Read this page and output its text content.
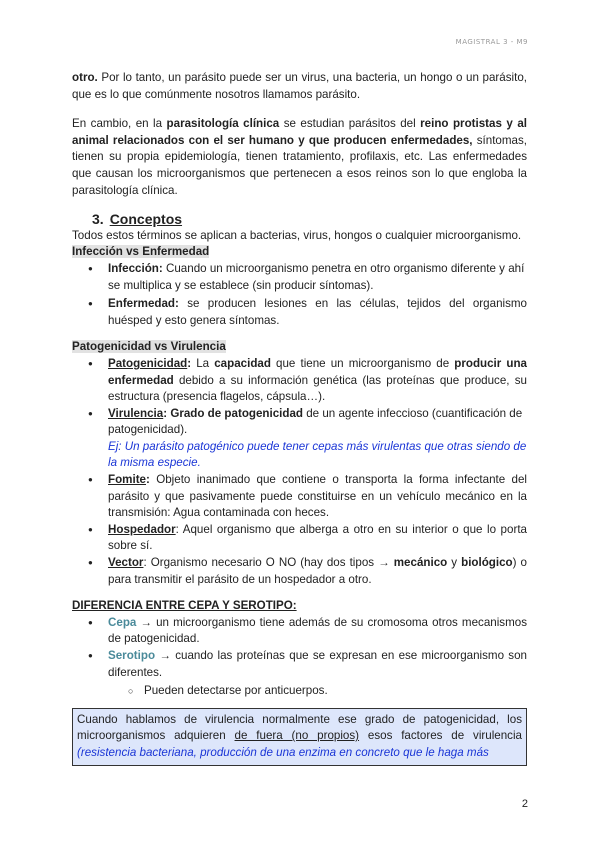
MAGISTRAL 3 - M9

otro. Por lo tanto, un parásito puede ser un virus, una bacteria, un hongo o un parásito, que es lo que comúnmente nosotros llamamos parásito.

En cambio, en la parasitología clínica se estudian parásitos del reino protistas y al animal relacionados con el ser humano y que producen enfermedades, síntomas, tienen su propia epidemiología, tienen tratamiento, profilaxis, etc. Las enfermedades que causan los microorganismos que pertenecen a esos reinos son lo que engloba la parasitología clínica.

3. Conceptos

Todos estos términos se aplican a bacterias, virus, hongos o cualquier microorganismo.

Infección vs Enfermedad
● Infección: Cuando un microorganismo penetra en otro organismo diferente y ahí se multiplica y se establece (sin producir síntomas).
● Enfermedad: se producen lesiones en las células, tejidos del organismo huésped y esto genera síntomas.
Patogenicidad vs Virulencia
● Patogenicidad: La capacidad que tiene un microorganismo de producir una enfermedad debido a su información genética (las proteínas que produce, su estructura (presencia flagelos, cápsula…).
● Virulencia: Grado de patogenicidad de un agente infeccioso (cuantificación de patogenicidad).
Ej: Un parásito patogénico puede tener cepas más virulentas que otras siendo de la misma especie.
● Fomite: Objeto inanimado que contiene o transporta la forma infectante del parásito y que pasivamente puede constituirse en un vehículo mecánico en la transmisión: Agua contaminada con heces.
● Hospedador: Aquel organismo que alberga a otro en su interior o que lo porta sobre sí.
● Vector: Organismo necesario O NO (hay dos tipos → mecánico y biológico) o para transmitir el parásito de un hospedador a otro.
DIFERENCIA ENTRE CEPA Y SEROTIPO:
● Cepa → un microorganismo tiene además de su cromosoma otros mecanismos de patogenicidad.
● Serotipo → cuando las proteínas que se expresan en ese microorganismo son diferentes.
○ Pueden detectarse por anticuerpos.
Cuando hablamos de virulencia normalmente ese grado de patogenicidad, los microorganismos adquieren de fuera (no propios) esos factores de virulencia (resistencia bacteriana, producción de una enzima en concreto que le haga más
2
